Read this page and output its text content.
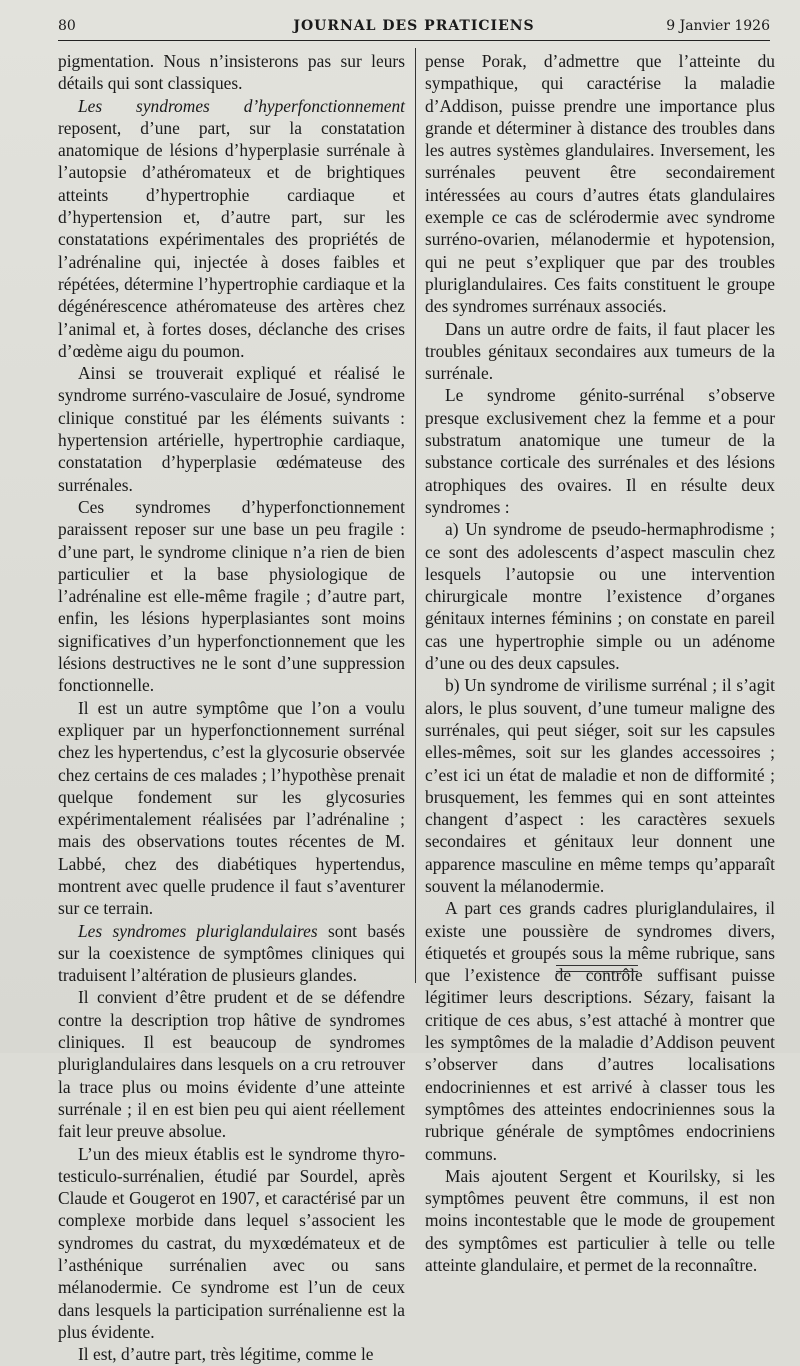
80	JOURNAL DES PRATICIENS	9 Janvier 1926

pigmentation. Nous n’insisterons pas sur leurs détails qui sont classiques.

Les syndromes d’hyperfonctionnement reposent, d’une part, sur la constatation anatomique de lésions d’hyperplasie surrénale à l’autopsie d’athéromateux et de brightiques atteints d’hypertrophie cardiaque et d’hypertension et, d’autre part, sur les constatations expérimentales des propriétés de l’adrénaline qui, injectée à doses faibles et répétées, détermine l’hypertrophie cardiaque et la dégénérescence athéromateuse des artères chez l’animal et, à fortes doses, déclanche des crises d’œdème aigu du poumon.

Ainsi se trouverait expliqué et réalisé le syndrome surréno-vasculaire de Josué, syndrome clinique constitué par les éléments suivants : hypertension artérielle, hypertrophie cardiaque, constatation d’hyperplasie œdémateuse des surrénales.

Ces syndromes d’hyperfonctionnement paraissent reposer sur une base un peu fragile : d’une part, le syndrome clinique n’a rien de bien particulier et la base physiologique de l’adrénaline est elle-même fragile ; d’autre part, enfin, les lésions hyperplasiantes sont moins significatives d’un hyperfonctionnement que les lésions destructives ne le sont d’une suppression fonctionnelle.

Il est un autre symptôme que l’on a voulu expliquer par un hyperfonctionnement surrénal chez les hypertendus, c’est la glycosurie observée chez certains de ces malades ; l’hypothèse prenait quelque fondement sur les glycosuries expérimentalement réalisées par l’adrénaline ; mais des observations toutes récentes de M. Labbé, chez des diabétiques hypertendus, montrent avec quelle prudence il faut s’aventurer sur ce terrain.

Les syndromes pluriglandulaires sont basés sur la coexistence de symptômes cliniques qui traduisent l’altération de plusieurs glandes.

Il convient d’être prudent et de se défendre contre la description trop hâtive de syndromes cliniques. Il est beaucoup de syndromes pluriglandulaires dans lesquels on a cru retrouver la trace plus ou moins évidente d’une atteinte surrénale ; il en est bien peu qui aient réellement fait leur preuve absolue.

L’un des mieux établis est le syndrome thyro-testiculo-surrénalien, étudié par Sourdel, après Claude et Gougerot en 1907, et caractérisé par un complexe morbide dans lequel s’associent les syndromes du castrat, du myxœdémateux et de l’asthénique surrénalien avec ou sans mélanodermie. Ce syndrome est l’un de ceux dans lesquels la participation surrénalienne est la plus évidente.

Il est, d’autre part, très légitime, comme le

pense Porak, d’admettre que l’atteinte du sympathique, qui caractérise la maladie d’Addison, puisse prendre une importance plus grande et déterminer à distance des troubles dans les autres systèmes glandulaires. Inversement, les surrénales peuvent être secondairement intéressées au cours d’autres états glandulaires exemple ce cas de sclérodermie avec syndrome surréno-ovarien, mélanodermie et hypotension, qui ne peut s’expliquer que par des troubles pluriglandulaires. Ces faits constituent le groupe des syndromes surrénaux associés.

Dans un autre ordre de faits, il faut placer les troubles génitaux secondaires aux tumeurs de la surrénale.

Le syndrome génito-surrénal s’observe presque exclusivement chez la femme et a pour substratum anatomique une tumeur de la substance corticale des surrénales et des lésions atrophiques des ovaires. Il en résulte deux syndromes :

a) Un syndrome de pseudo-hermaphrodisme ; ce sont des adolescents d’aspect masculin chez lesquels l’autopsie ou une intervention chirurgicale montre l’existence d’organes génitaux internes féminins ; on constate en pareil cas une hypertrophie simple ou un adénome d’une ou des deux capsules.

b) Un syndrome de virilisme surrénal ; il s’agit alors, le plus souvent, d’une tumeur maligne des surrénales, qui peut siéger, soit sur les capsules elles-mêmes, soit sur les glandes accessoires ; c’est ici un état de maladie et non de difformité ; brusquement, les femmes qui en sont atteintes changent d’aspect : les caractères sexuels secondaires et génitaux leur donnent une apparence masculine en même temps qu’apparaît souvent la mélanodermie.

A part ces grands cadres pluriglandulaires, il existe une poussière de syndromes divers, étiquetés et groupés sous la même rubrique, sans que l’existence de contrôle suffisant puisse légitimer leurs descriptions. Sézary, faisant la critique de ces abus, s’est attaché à montrer que les symptômes de la maladie d’Addison peuvent s’observer dans d’autres localisations endocriniennes et est arrivé à classer tous les symptômes des atteintes endocriniennes sous la rubrique générale de symptômes endocriniens communs.

Mais ajoutent Sergent et Kourilsky, si les symptômes peuvent être communs, il est non moins incontestable que le mode de groupement des symptômes est particulier à telle ou telle atteinte glandulaire, et permet de la reconnaître.
